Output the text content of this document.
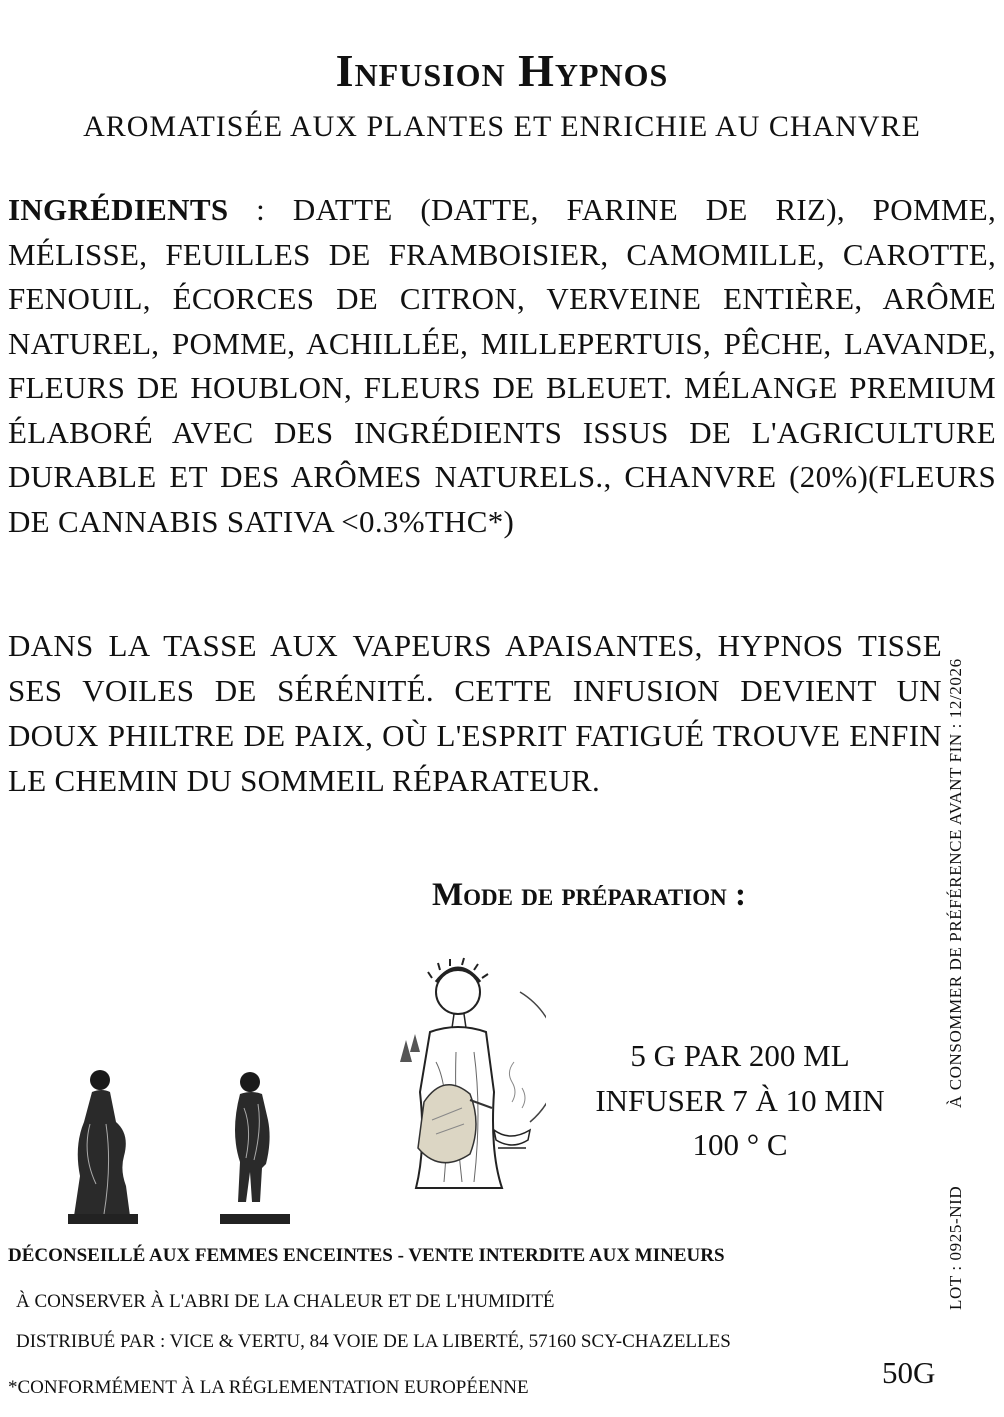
Infusion Hypnos
AROMATISÉE AUX PLANTES ET ENRICHIE AU CHANVRE
INGRÉDIENTS : DATTE (DATTE, FARINE DE RIZ), POMME, MÉLISSE, FEUILLES DE FRAMBOISIER, CAMOMILLE, CAROTTE, FENOUIL, ÉCORCES DE CITRON, VERVEINE ENTIÈRE, ARÔME NATUREL, POMME, ACHILLÉE, MILLEPERTUIS, PÊCHE, LAVANDE, FLEURS DE HOUBLON, FLEURS DE BLEUET. MÉLANGE PREMIUM ÉLABORÉ AVEC DES INGRÉDIENTS ISSUS DE L'AGRICULTURE DURABLE ET DES ARÔMES NATURELS., CHANVRE (20%)(FLEURS DE CANNABIS SATIVA <0.3%THC*)
DANS LA TASSE AUX VAPEURS APAISANTES, HYPNOS TISSE SES VOILES DE SÉRÉNITÉ. CETTE INFUSION DEVIENT UN DOUX PHILTRE DE PAIX, OÙ L'ESPRIT FATIGUÉ TROUVE ENFIN LE CHEMIN DU SOMMEIL RÉPARATEUR.
Mode de préparation :
5 G PAR 200 ML
INFUSER 7 À 10 MIN
100 ° C
À CONSOMMER DE PRÉFÉRENCE AVANT FIN : 12/2026
LOT : 0925-NID
DÉCONSEILLÉ AUX FEMMES ENCEINTES - VENTE INTERDITE AUX MINEURS
À CONSERVER À L'ABRI DE LA CHALEUR ET DE L'HUMIDITÉ
DISTRIBUÉ PAR : VICE & VERTU, 84 VOIE DE LA LIBERTÉ, 57160 SCY-CHAZELLES
*CONFORMÉMENT À LA RÉGLEMENTATION EUROPÉENNE	50G
